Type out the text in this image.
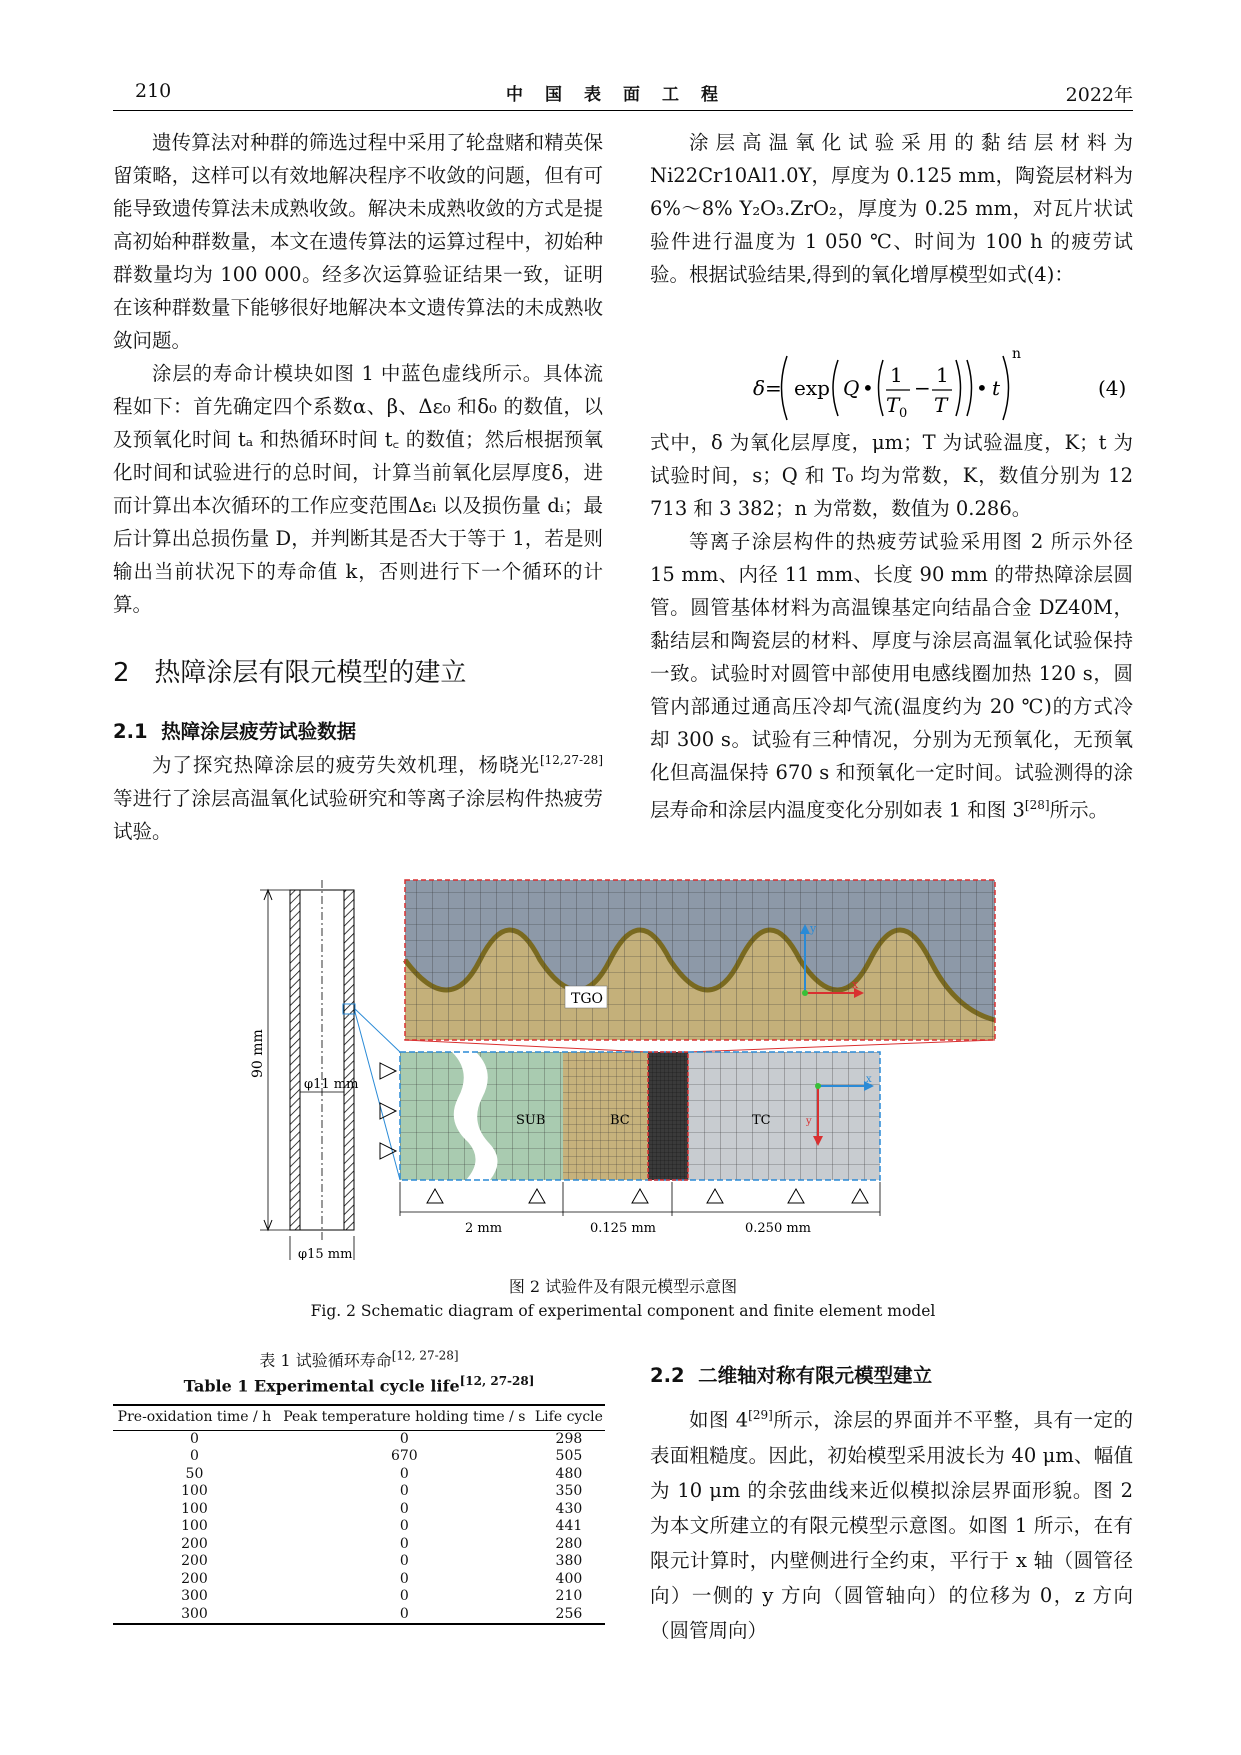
210	中国表面工程	2022年

遗传算法对种群的筛选过程中采用了轮盘赌和精英保留策略，这样可以有效地解决程序不收敛的问题，但有可能导致遗传算法未成熟收敛。解决未成熟收敛的方式是提高初始种群数量，本文在遗传算法的运算过程中，初始种群数量均为 100 000。经多次运算验证结果一致，证明在该种群数量下能够很好地解决本文遗传算法的未成熟收敛问题。

涂层的寿命计模块如图 1 中蓝色虚线所示。具体流程如下：首先确定四个系数α、β、Δε₀ 和δ₀ 的数值，以及预氧化时间 tₐ 和热循环时间 t꜀ 的数值；然后根据预氧化时间和试验进行的总时间，计算当前氧化层厚度δ，进而计算出本次循环的工作应变范围Δεᵢ 以及损伤量 dᵢ；最后计算出总损伤量 D，并判断其是否大于等于 1，若是则输出当前状况下的寿命值 k，否则进行下一个循环的计算。

2 热障涂层有限元模型的建立
2.1 热障涂层疲劳试验数据

为了探究热障涂层的疲劳失效机理，杨晓光[12,27-28]等进行了涂层高温氧化试验研究和等离子涂层构件热疲劳试验。

涂层高温氧化试验采用的黏结层材料为 Ni22Cr10Al1.0Y，厚度为 0.125 mm，陶瓷层材料为 6%～8% Y₂O₃.ZrO₂，厚度为 0.25 mm，对瓦片状试验件进行温度为 1 050 ℃、时间为 100 h 的疲劳试验。根据试验结果,得到的氧化增厚模型如式(4)：

δ= exp Q •
1
T 0
−
1
T
• t
n
(4)

式中，δ 为氧化层厚度，μm；T 为试验温度，K；t 为试验时间，s；Q 和 T₀ 均为常数，K，数值分别为 12 713 和 3 382；n 为常数，数值为 0.286。

等离子涂层构件的热疲劳试验采用图 2 所示外径 15 mm、内径 11 mm、长度 90 mm 的带热障涂层圆管。圆管基体材料为高温镍基定向结晶合金 DZ40M，黏结层和陶瓷层的材料、厚度与涂层高温氧化试验保持一致。试验时对圆管中部使用电感线圈加热 120 s，圆管内部通过通高压冷却气流(温度约为 20 ℃)的方式冷却 300 s。试验有三种情况，分别为无预氧化，无预氧化但高温保持 670 s 和预氧化一定时间。试验测得的涂层寿命和涂层内温度变化分别如表 1 和图 3[28]所示。

90 mm
φ11 mm
φ15 mm
TGO
y
x
SUB	BC	TC
x
y
2 mm	0.125 mm	0.250 mm
图 2 试验件及有限元模型示意图
Fig. 2 Schematic diagram of experimental component and finite element model
表 1 试验循环寿命[12, 27-28]
Table 1 Experimental cycle life[12, 27-28]
Pre-oxidation time / h	Peak temperature holding time / s	Life cycle
0	0	298
0	670	505
50	0	480
100	0	350
100	0	430
100	0	441
200	0	280
200	0	380
200	0	400
300	0	210
300	0	256
2.2 二维轴对称有限元模型建立

如图 4[29]所示，涂层的界面并不平整，具有一定的表面粗糙度。因此，初始模型采用波长为 40 μm、幅值为 10 μm 的余弦曲线来近似模拟涂层界面形貌。图 2 为本文所建立的有限元模型示意图。如图 1 所示，在有限元计算时，内壁侧进行全约束，平行于 x 轴（圆管径向）一侧的 y 方向（圆管轴向）的位移为 0，z 方向（圆管周向）
